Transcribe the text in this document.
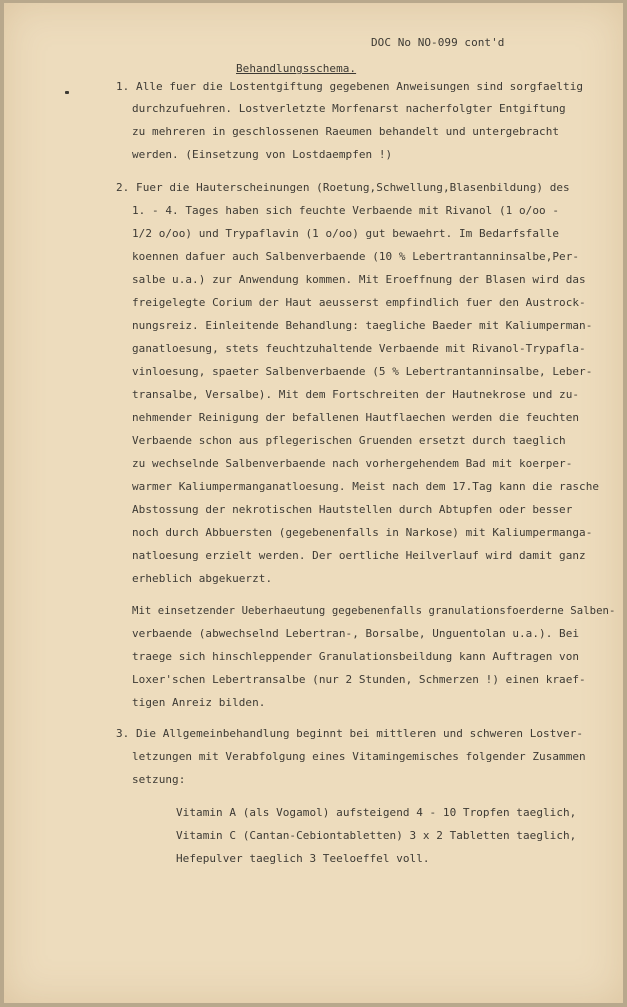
DOC No NO-099 cont'd
Behandlungsschema.
1. Alle fuer die Lostentgiftung gegebenen Anweisungen sind sorgfaeltig
durchzufuehren. Lostverletzte Morfenarst nacherfolgter Entgiftung
zu mehreren in geschlossenen Raeumen behandelt und untergebracht
werden. (Einsetzung von Lostdaempfen !)
2. Fuer die Hauterscheinungen (Roetung,Schwellung,Blasenbildung) des
1. - 4. Tages haben sich feuchte Verbaende mit Rivanol (1 o/oo -
1/2 o/oo) und Trypaflavin (1 o/oo) gut bewaehrt. Im Bedarfsfalle
koennen dafuer auch Salbenverbaende (10 % Lebertrantanninsalbe,Per-
salbe u.a.) zur Anwendung kommen. Mit Eroeffnung der Blasen wird das
freigelegte Corium der Haut aeusserst empfindlich fuer den Austrock-
nungsreiz. Einleitende Behandlung: taegliche Baeder mit Kaliumperman-
ganatloesung, stets feuchtzuhaltende Verbaende mit Rivanol-Trypafla-
vinloesung, spaeter Salbenverbaende (5 % Lebertrantanninsalbe, Leber-
transalbe, Versalbe). Mit dem Fortschreiten der Hautnekrose und zu-
nehmender Reinigung der befallenen Hautflaechen werden die feuchten
Verbaende schon aus pflegerischen Gruenden ersetzt durch taeglich
zu wechselnde Salbenverbaende nach vorhergehendem Bad mit koerper-
warmer Kaliumpermanganatloesung. Meist nach dem 17.Tag kann die rasche
Abstossung der nekrotischen Hautstellen durch Abtupfen oder besser
noch durch Abbuersten (gegebenenfalls in Narkose) mit Kaliumpermanga-
natloesung erzielt werden. Der oertliche Heilverlauf wird damit ganz
erheblich abgekuerzt.
Mit einsetzender Ueberhaeutung gegebenenfalls granulationsfoerderne Salben-
verbaende (abwechselnd Lebertran-, Borsalbe, Unguentolan u.a.). Bei
traege sich hinschleppender Granulationsbeildung kann Auftragen von
Loxer'schen Lebertransalbe (nur 2 Stunden, Schmerzen !) einen kraef-
tigen Anreiz bilden.
3. Die Allgemeinbehandlung beginnt bei mittleren und schweren Lostver-
letzungen mit Verabfolgung eines Vitamingemisches folgender Zusammen
setzung:
Vitamin A (als Vogamol) aufsteigend 4 - 10 Tropfen taeglich,
Vitamin C (Cantan-Cebiontabletten) 3 x 2 Tabletten taeglich,
Hefepulver taeglich 3 Teeloeffel voll.
